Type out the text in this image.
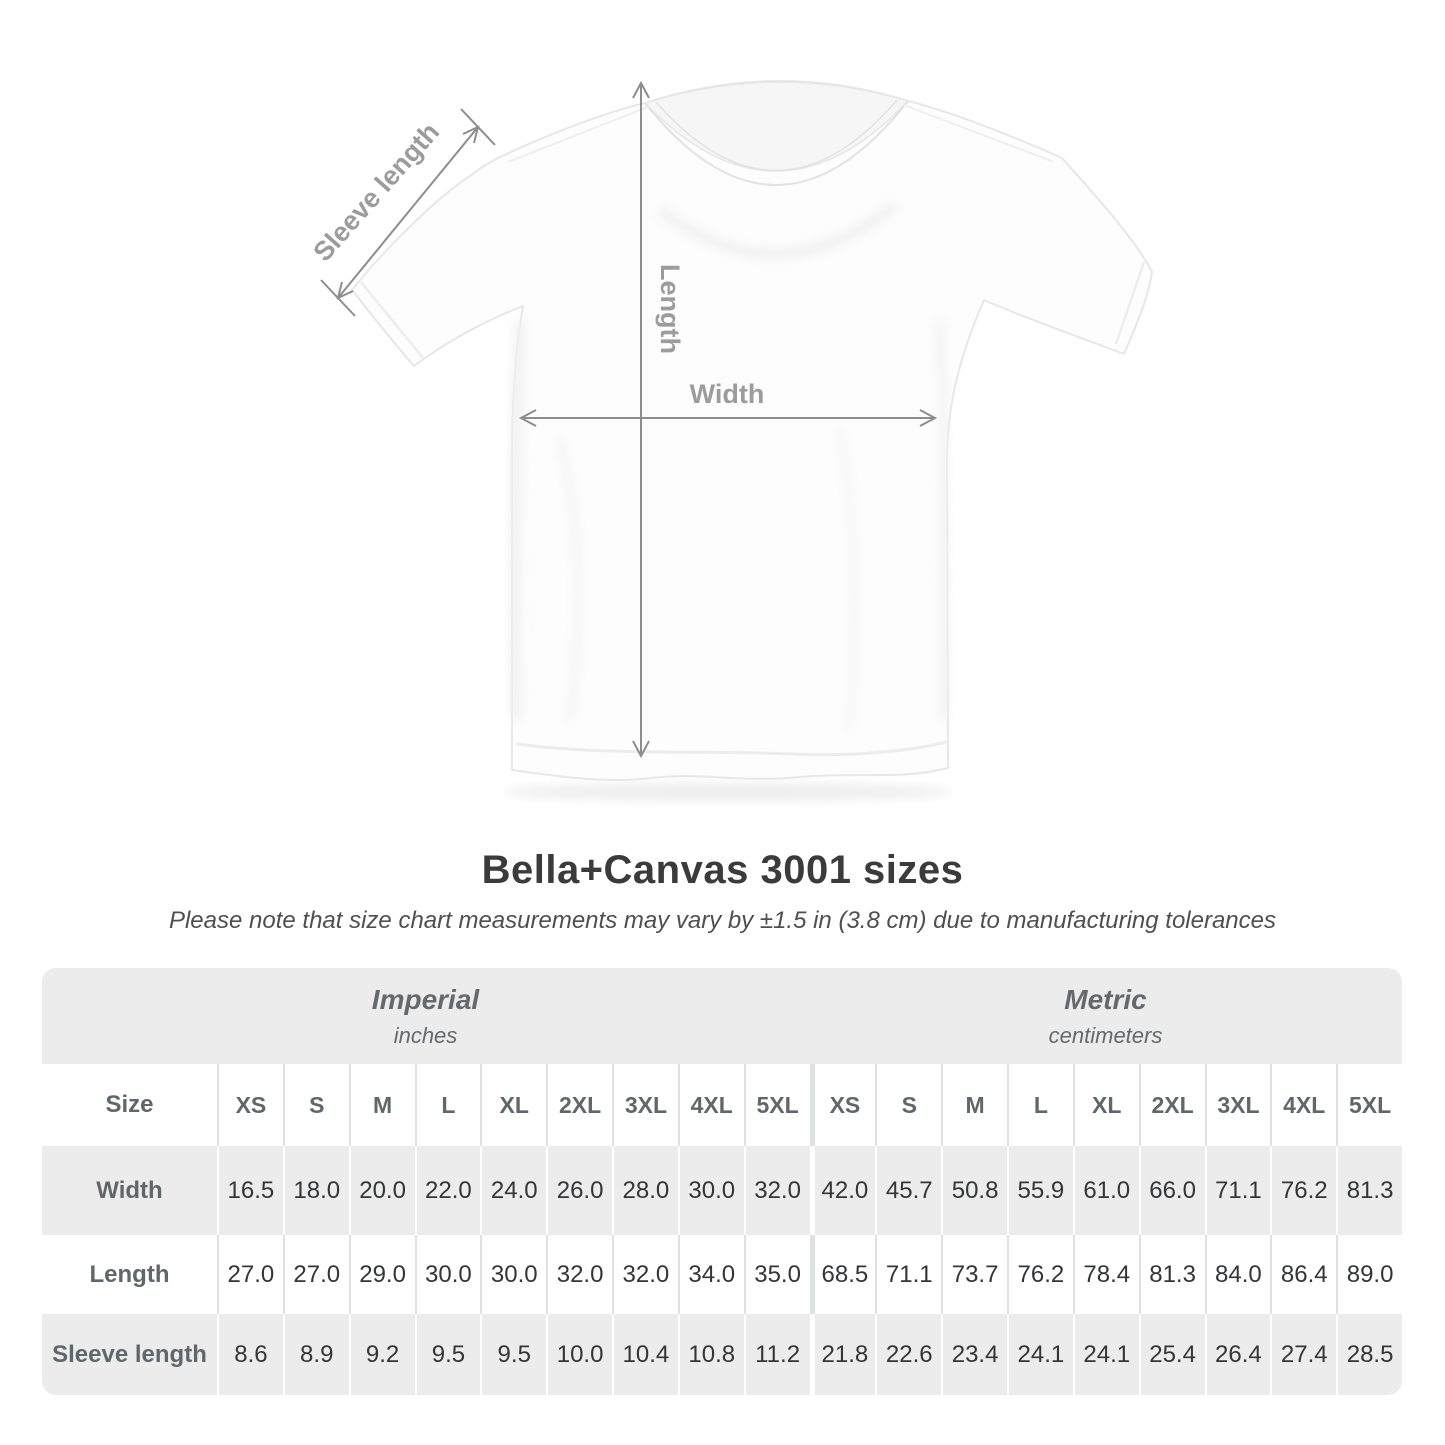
Sleeve length
Length
Width
Bella+Canvas 3001 sizes

Please note that size chart measurements may vary by ±1.5 in (3.8 cm) due to manufacturing tolerances

Imperial
inches
Metric
centimeters
Size	XS	S	M	L	XL	2XL	3XL	4XL	5XL	XS	S	M	L	XL	2XL	3XL	4XL	5XL
Width	16.5 18.0 20.0 22.0 24.0 26.0 28.0 30.0 32.0 42.0 45.7 50.8 55.9 61.0 66.0 71.1 76.2 81.3
Length	27.0 27.0 29.0 30.0 30.0 32.0 32.0 34.0 35.0 68.5 71.1 73.7 76.2 78.4 81.3 84.0 86.4 89.0
Sleeve length	8.6	8.9	9.2	9.5	9.5	10.0 10.4 10.8 11.2 21.8 22.6 23.4 24.1 24.1 25.4 26.4 27.4 28.5
